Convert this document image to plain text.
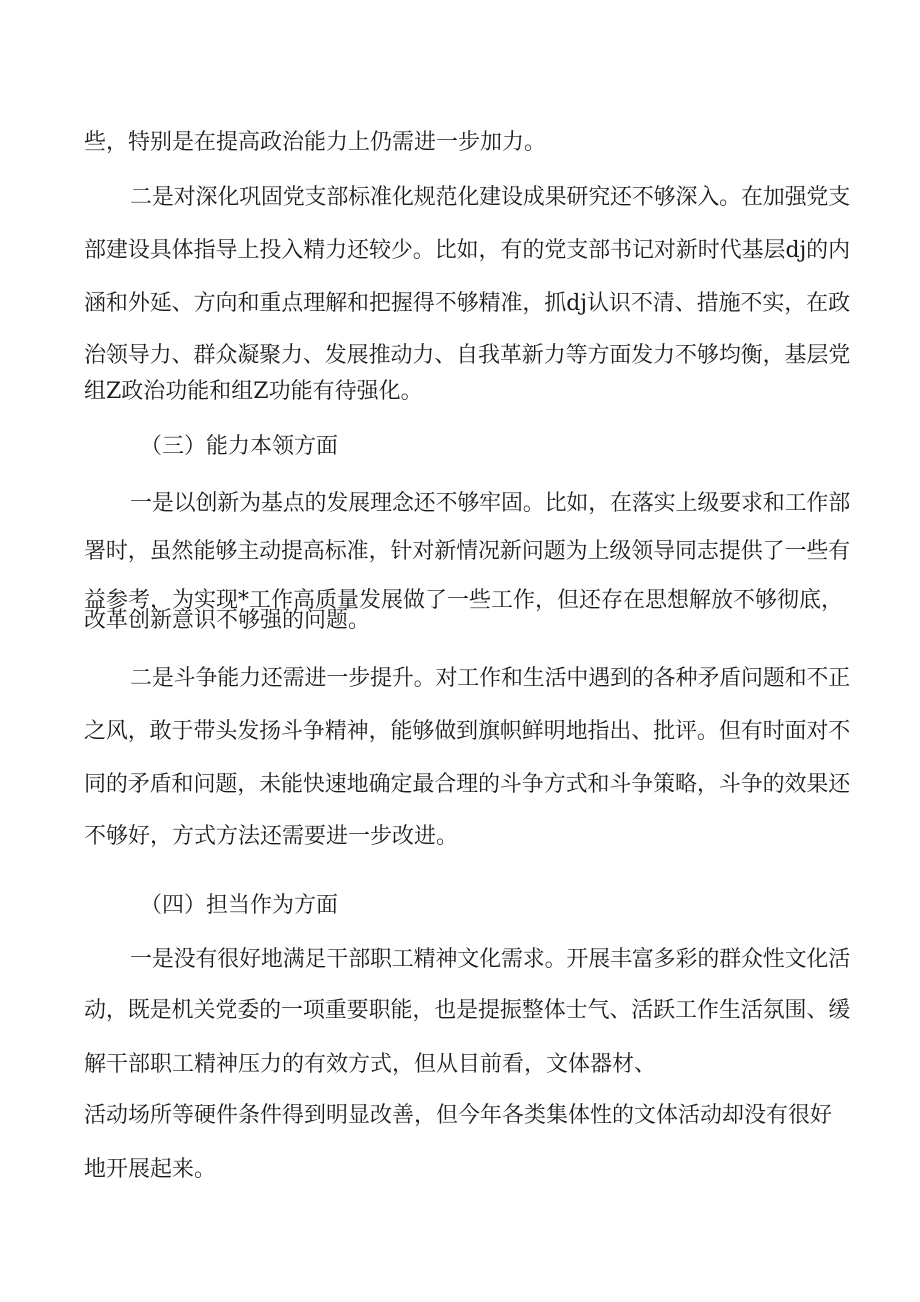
些，特别是在提高政治能力上仍需进一步加力。

二是对深化巩固党支部标准化规范化建设成果研究还不够深入。在加强党支

部建设具体指导上投入精力还较少。比如，有的党支部书记对新时代基层dj的内

涵和外延、方向和重点理解和把握得不够精准，抓dj认识不清、措施不实，在政

治领导力、群众凝聚力、发展推动力、自我革新力等方面发力不够均衡，基层党

组Z政治功能和组Z功能有待强化。

（三）能力本领方面

一是以创新为基点的发展理念还不够牢固。比如，在落实上级要求和工作部

署时，虽然能够主动提高标准，针对新情况新问题为上级领导同志提供了一些有

益参考，为实现*工作高质量发展做了一些工作，但还存在思想解放不够彻底，

改革创新意识不够强的问题。

二是斗争能力还需进一步提升。对工作和生活中遇到的各种矛盾问题和不正

之风，敢于带头发扬斗争精神，能够做到旗帜鲜明地指出、批评。但有时面对不

同的矛盾和问题，未能快速地确定最合理的斗争方式和斗争策略，斗争的效果还

不够好，方式方法还需要进一步改进。

（四）担当作为方面

一是没有很好地满足干部职工精神文化需求。开展丰富多彩的群众性文化活

动，既是机关党委的一项重要职能，也是提振整体士气、活跃工作生活氛围、缓

解干部职工精神压力的有效方式，但从目前看，文体器材、

活动场所等硬件条件得到明显改善，但今年各类集体性的文体活动却没有很好

地开展起来。
